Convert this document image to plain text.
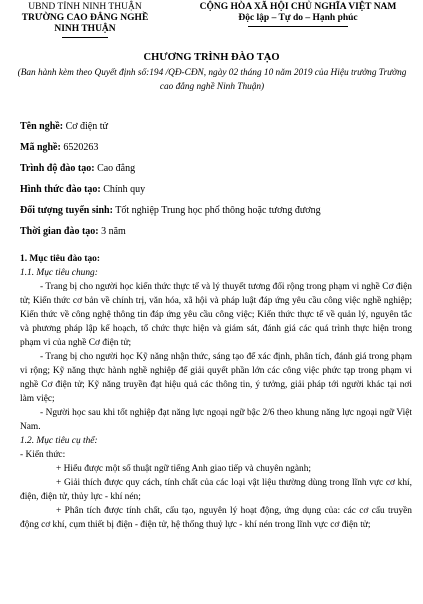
UBND TỈNH NINH THUẬN
TRƯỜNG CAO ĐẲNG NGHỀ
NINH THUẬN
CỘNG HÒA XÃ HỘI CHỦ NGHĨA VIỆT NAM
Độc lập – Tự do – Hạnh phúc
CHƯƠNG TRÌNH ĐÀO TẠO
(Ban hành kèm theo Quyết định số:194 /QĐ-CĐN, ngày 02 tháng 10 năm 2019 của Hiệu trưởng Trường cao đẳng nghề Ninh Thuận)
Tên nghề: Cơ điện tử
Mã nghề: 6520263
Trình độ đào tạo: Cao đẳng
Hình thức đào tạo: Chính quy
Đối tượng tuyển sinh: Tốt nghiệp Trung học phổ thông hoặc tương đương
Thời gian đào tạo: 3 năm

1. Mục tiêu đào tạo:

1.1. Mục tiêu chung:

- Trang bị cho người học kiến thức thực tế và lý thuyết tương đối rộng trong phạm vi nghề Cơ điện tử; Kiến thức cơ bản về chính trị, văn hóa, xã hội và pháp luật đáp ứng yêu cầu công việc nghề nghiệp; Kiến thức về công nghệ thông tin đáp ứng yêu cầu công việc; Kiến thức thực tế về quản lý, nguyên tắc và phương pháp lập kế hoạch, tổ chức thực hiện và giám sát, đánh giá các quá trình thực hiện trong phạm vi của nghề Cơ điện tử;

- Trang bị cho người học Kỹ năng nhận thức, sáng tạo để xác định, phân tích, đánh giá trong phạm vi rộng; Kỹ năng thực hành nghề nghiệp để giải quyết phần lớn các công việc phức tạp trong phạm vi nghề Cơ điện tử; Kỹ năng truyền đạt hiệu quả các thông tin, ý tưởng, giải pháp tới người khác tại nơi làm việc;

- Người học sau khi tốt nghiệp đạt năng lực ngoại ngữ bậc 2/6 theo khung năng lực ngoại ngữ Việt Nam.

1.2. Mục tiêu cụ thể:

- Kiến thức:

+ Hiểu được một số thuật ngữ tiếng Anh giao tiếp và chuyên ngành;

+ Giải thích được quy cách, tính chất của các loại vật liệu thường dùng trong lĩnh vực cơ khí, điện, điện tử, thủy lực - khí nén;

+ Phân tích được tính chất, cấu tạo, nguyên lý hoạt động, ứng dụng của: các cơ cấu truyền động cơ khí, cụm thiết bị điện - điện tử, hệ thống thuỷ lực - khí nén trong lĩnh vực cơ điện tử;
